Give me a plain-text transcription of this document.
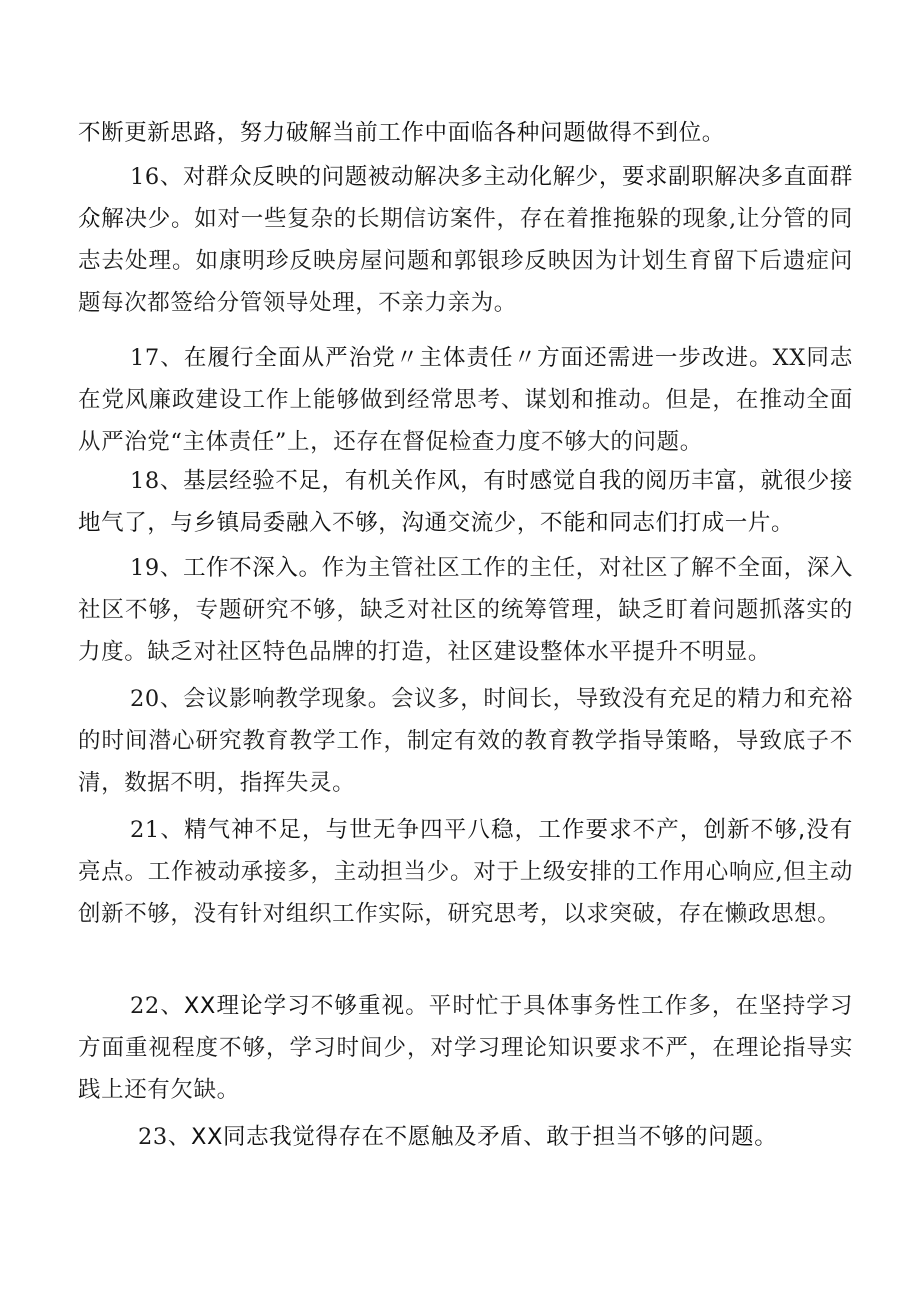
不断更新思路，努力破解当前工作中面临各种问题做得不到位。

16、对群众反映的问题被动解决多主动化解少，要求副职解决多直面群众解决少。如对一些复杂的长期信访案件，存在着推拖躲的现象,让分管的同志去处理。如康明珍反映房屋问题和郭银珍反映因为计划生育留下后遗症问题每次都签给分管领导处理，不亲力亲为。

17、在履行全面从严治党〃主体责任〃方面还需进一步改进。XX同志在党风廉政建设工作上能够做到经常思考、谋划和推动。但是，在推动全面从严治党“主体责任”上，还存在督促检查力度不够大的问题。

18、基层经验不足，有机关作风，有时感觉自我的阅历丰富，就很少接地气了，与乡镇局委融入不够，沟通交流少，不能和同志们打成一片。

19、工作不深入。作为主管社区工作的主任，对社区了解不全面，深入社区不够，专题研究不够，缺乏对社区的统筹管理，缺乏盯着问题抓落实的力度。缺乏对社区特色品牌的打造，社区建设整体水平提升不明显。

20、会议影响教学现象。会议多，时间长，导致没有充足的精力和充裕的时间潜心研究教育教学工作，制定有效的教育教学指导策略，导致底子不清，数据不明，指挥失灵。

21、精气神不足，与世无争四平八稳，工作要求不产，创新不够,没有亮点。工作被动承接多，主动担当少。对于上级安排的工作用心响应,但主动创新不够，没有针对组织工作实际，研究思考，以求突破，存在懒政思想。

22、XX理论学习不够重视。平时忙于具体事务性工作多，在坚持学习方面重视程度不够，学习时间少，对学习理论知识要求不严，在理论指导实践上还有欠缺。

23、XX同志我觉得存在不愿触及矛盾、敢于担当不够的问题。
